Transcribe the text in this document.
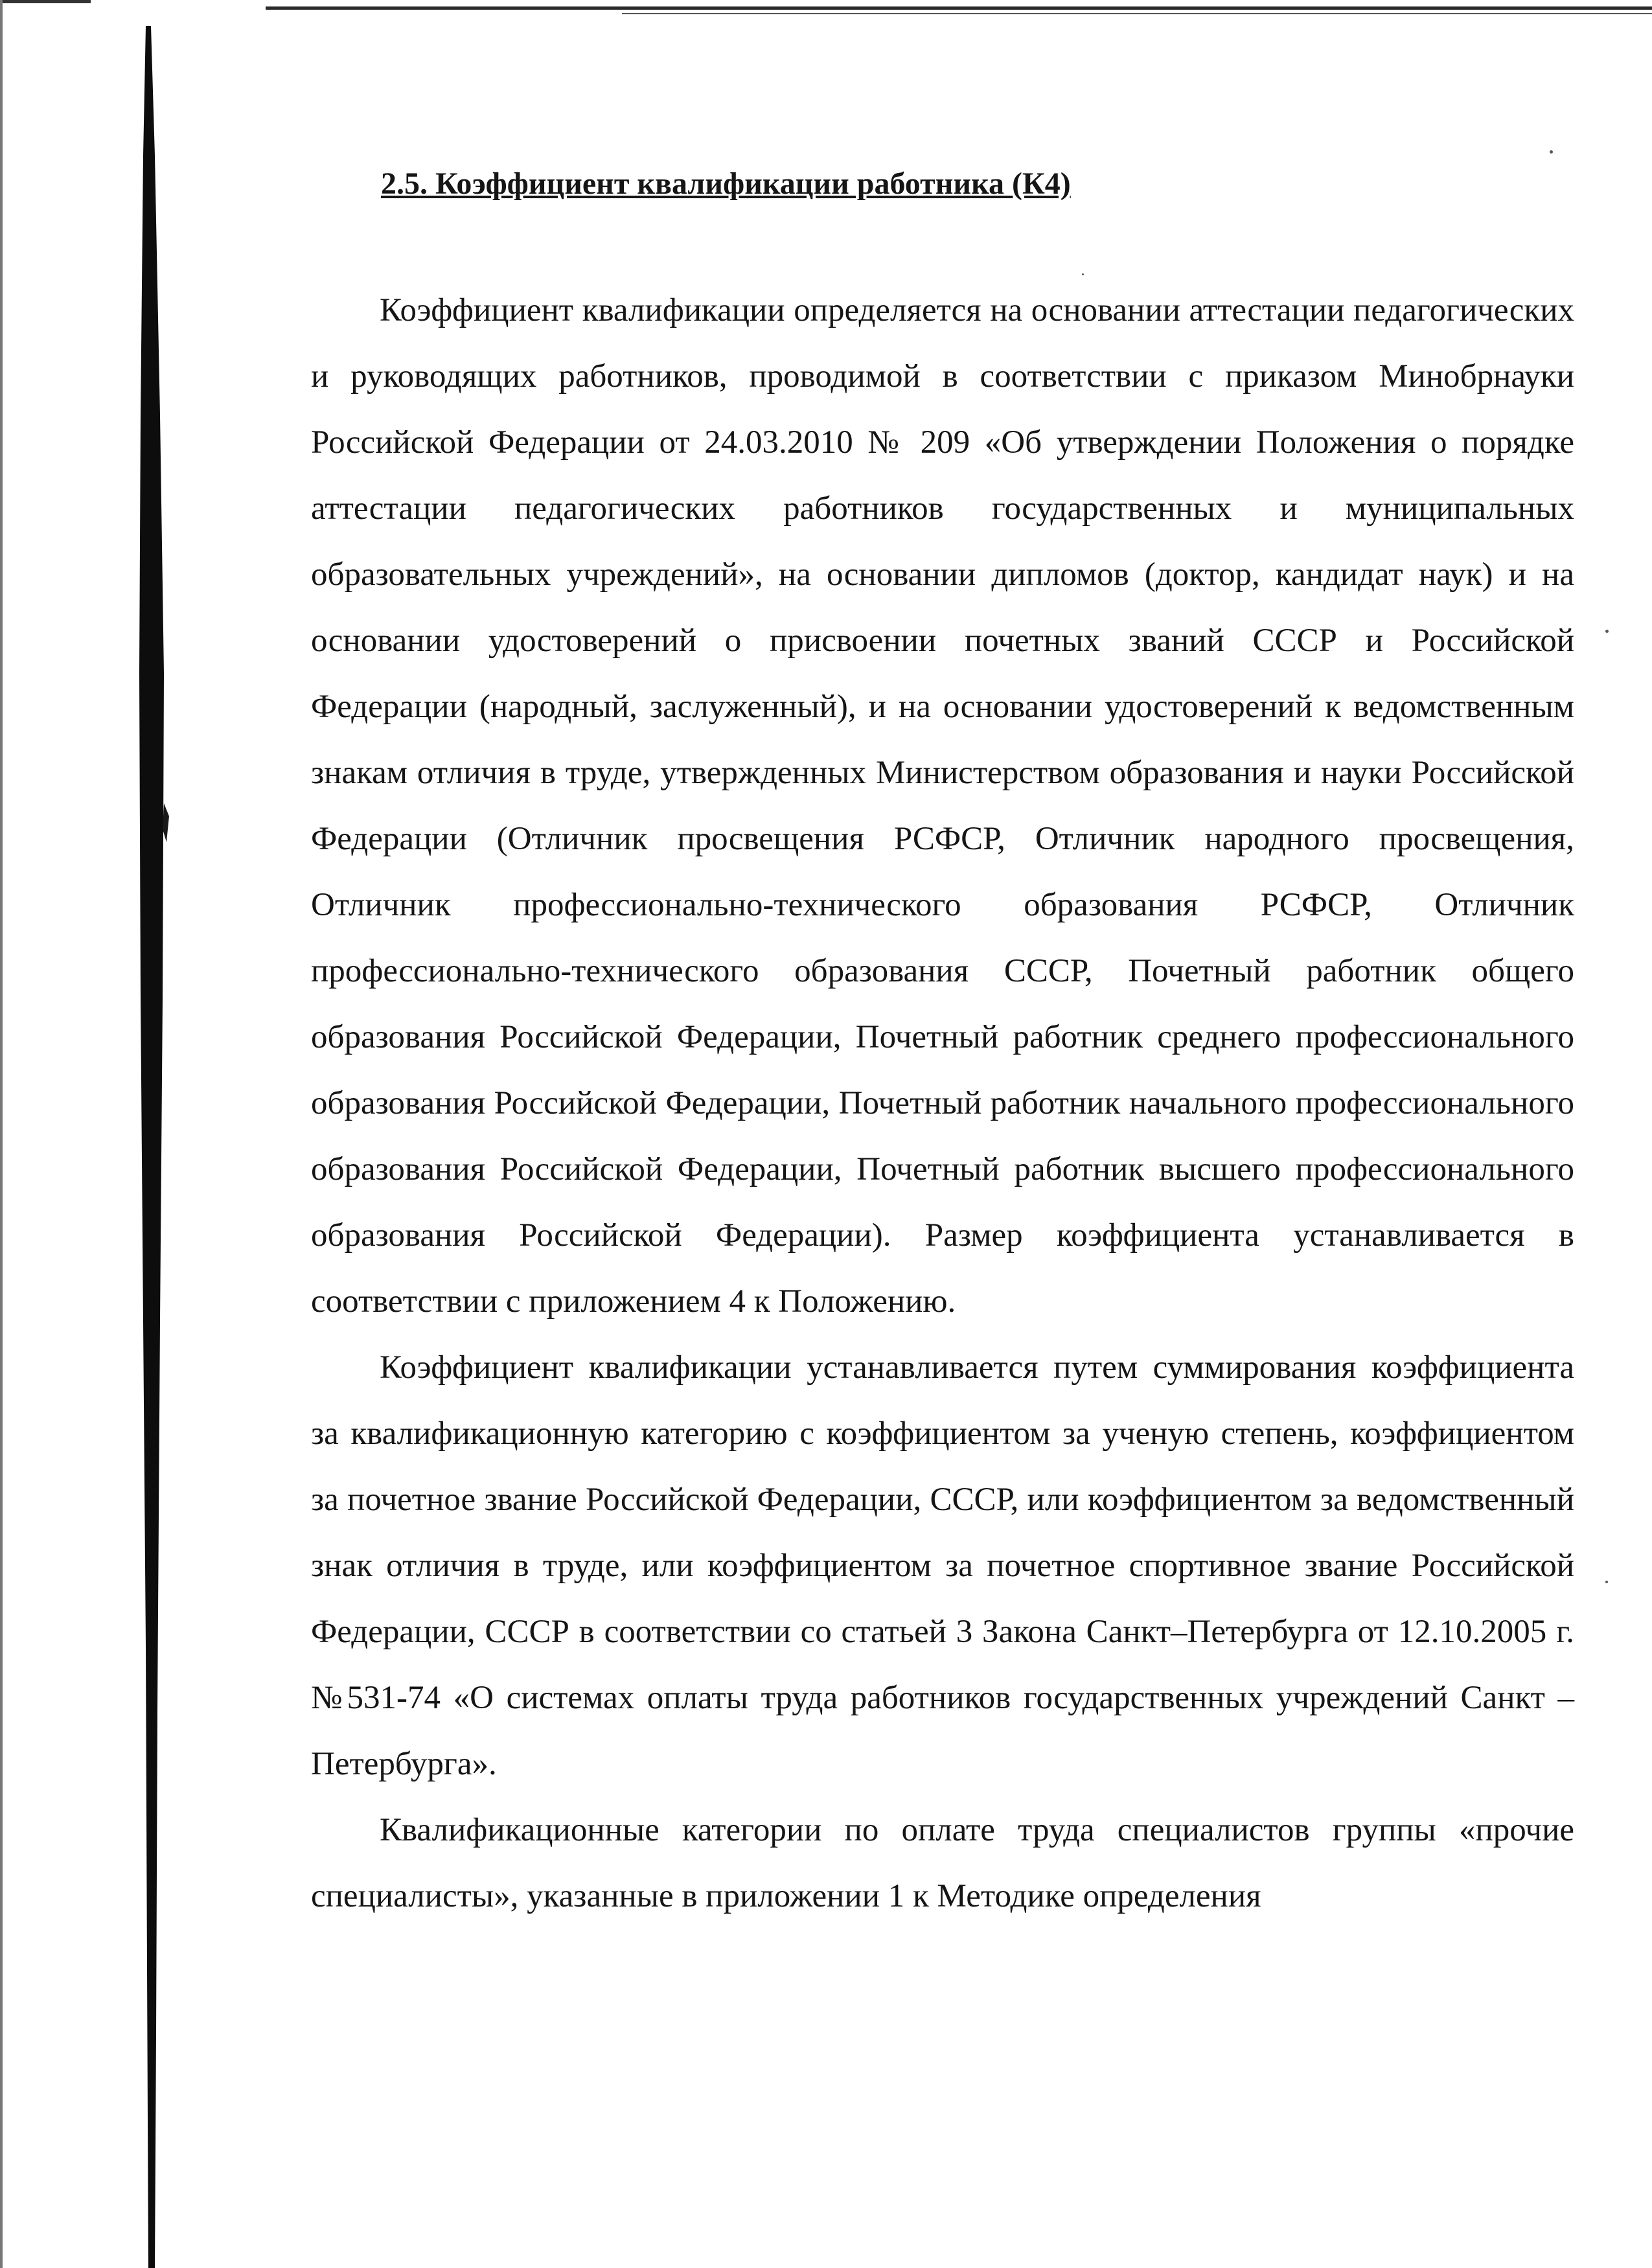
2.5. Коэффициент квалификации работника (К4)

Коэффициент квалификации определяется на основании аттестации педагогических и руководящих работников, проводимой в соответствии с приказом Минобрнауки Российской Федерации от 24.03.2010 № 209 «Об утверждении Положения о порядке аттестации педагогических работников государственных и муниципальных образовательных учреждений», на основании дипломов (доктор, кандидат наук) и на основании удостоверений о присвоении почетных званий СССР и Российской Федерации (народный, заслуженный), и на основании удостоверений к ведомственным знакам отличия в труде, утвержденных Министерством образования и науки Российской Федерации (Отличник просвещения РСФСР, Отличник народного просвещения, Отличник профессионально-технического образования РСФСР, Отличник профессионально-технического образования СССР, Почетный работник общего образования Российской Федерации, Почетный работник среднего профессионального образования Российской Федерации, Почетный работник начального профессионального образования Российской Федерации, Почетный работник высшего профессионального образования Российской Федерации). Размер коэффициента устанавливается в соответствии с приложением 4 к Положению.

Коэффициент квалификации устанавливается путем суммирования коэффициента за квалификационную категорию с коэффициентом за ученую степень, коэффициентом за почетное звание Российской Федерации, СССР, или коэффициентом за ведомственный знак отличия в труде, или коэффициентом за почетное спортивное звание Российской Федерации, СССР в соответствии со статьей 3 Закона Санкт–Петербурга от 12.10.2005 г. №531-74 «О системах оплаты труда работников государственных учреждений Санкт – Петербурга».

Квалификационные категории по оплате труда специалистов группы «прочие специалисты», указанные в приложении 1 к Методике определения
